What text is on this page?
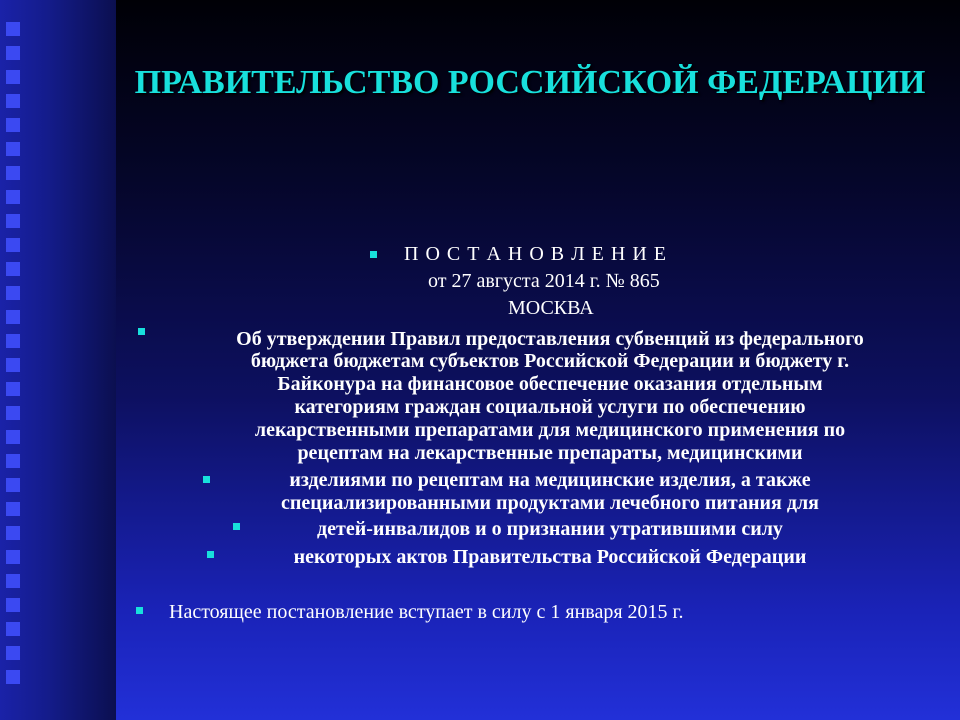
ПРАВИТЕЛЬСТВО РОССИЙСКОЙ ФЕДЕРАЦИИ
П О С Т А Н О В Л Е Н И Е
от 27 августа 2014 г. № 865
МОСКВА
Об утверждении Правил предоставления субвенций из федерального
бюджета бюджетам субъектов Российской Федерации и бюджету г.
Байконура на финансовое обеспечение оказания отдельным
категориям граждан социальной услуги по обеспечению
лекарственными препаратами для медицинского применения по
рецептам на лекарственные препараты, медицинскими
изделиями по рецептам на медицинские изделия, а также
специализированными продуктами лечебного питания для
детей-инвалидов и о признании утратившими силу
некоторых актов Правительства Российской Федерации
Настоящее постановление вступает в силу с 1 января 2015 г.
